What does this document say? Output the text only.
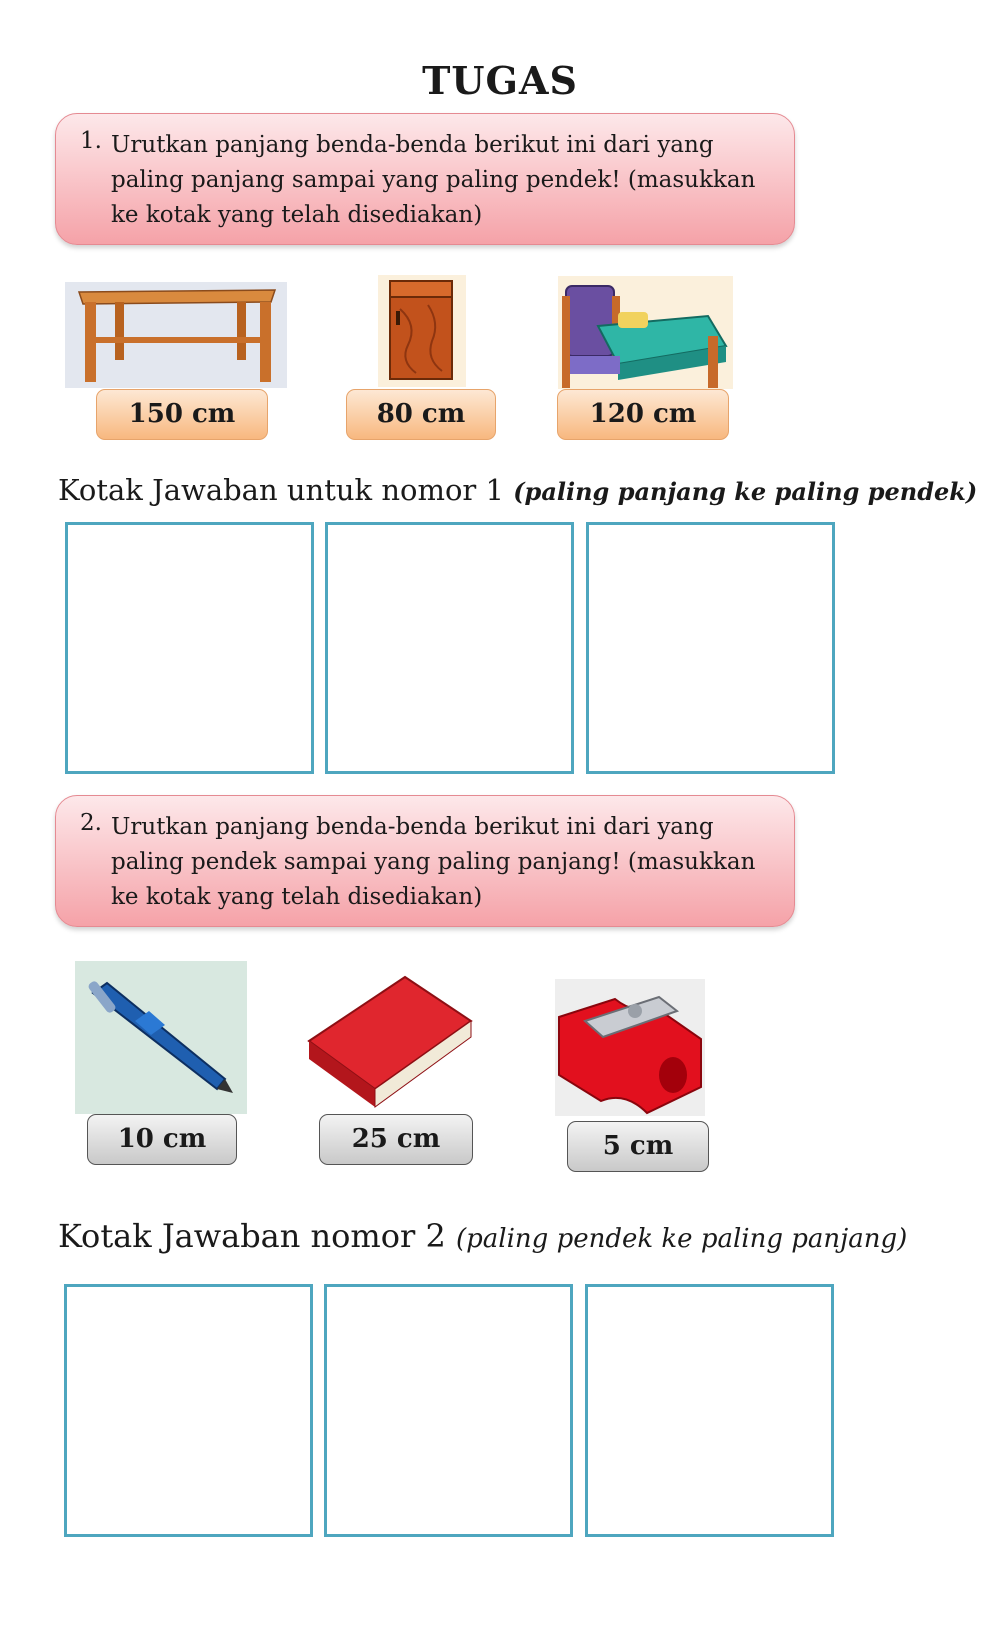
TUGAS
1. Urutkan panjang benda-benda berikut ini dari yang paling panjang sampai yang paling pendek! (masukkan ke kotak yang telah disediakan)
150 cm	80 cm	120 cm
Kotak Jawaban untuk nomor 1 (paling panjang ke paling pendek)
2. Urutkan panjang benda-benda berikut ini dari yang paling pendek sampai yang paling panjang! (masukkan ke kotak yang telah disediakan)
10 cm	25 cm	5 cm
Kotak Jawaban nomor 2 (paling pendek ke paling panjang)
